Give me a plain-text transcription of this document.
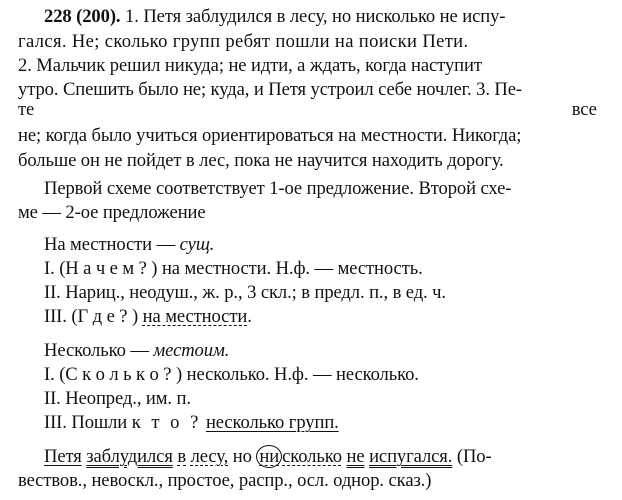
228 (200). 1. Петя заблудился в лесу, но нисколько не испу-
гался. Не; сколько групп ребят пошли на поиски Пети.
2. Мальчик решил никуда; не идти, а ждать, когда наступит
утро. Спешить было не; куда, и Петя устроил себе ночлег. 3. Пе-
те все
не; когда было учиться ориентироваться на местности. Никогда;
больше он не пойдет в лес, пока не научится находить дорогу.
Первой схеме соответствует 1-ое предложение. Второй схе-
ме — 2-ое предложение
На местности — сущ.
I. (Н а ч е м ? ) на местности. Н.ф. — местность.
II. Нариц., неодуш., ж. р., 3 скл.; в предл. п., в ед. ч.
III. (Г д е ? ) на местности.
Несколько — местоим.
I. (С к о л ь к о ? ) несколько. Н.ф. — несколько.
II. Неопред., им. п.
III. Пошли к т о ? несколько групп.
Петя заблудился в лесу, но ни сколько не испугался. (По-
вествов., невоскл., простое, распр., осл. однор. сказ.)
